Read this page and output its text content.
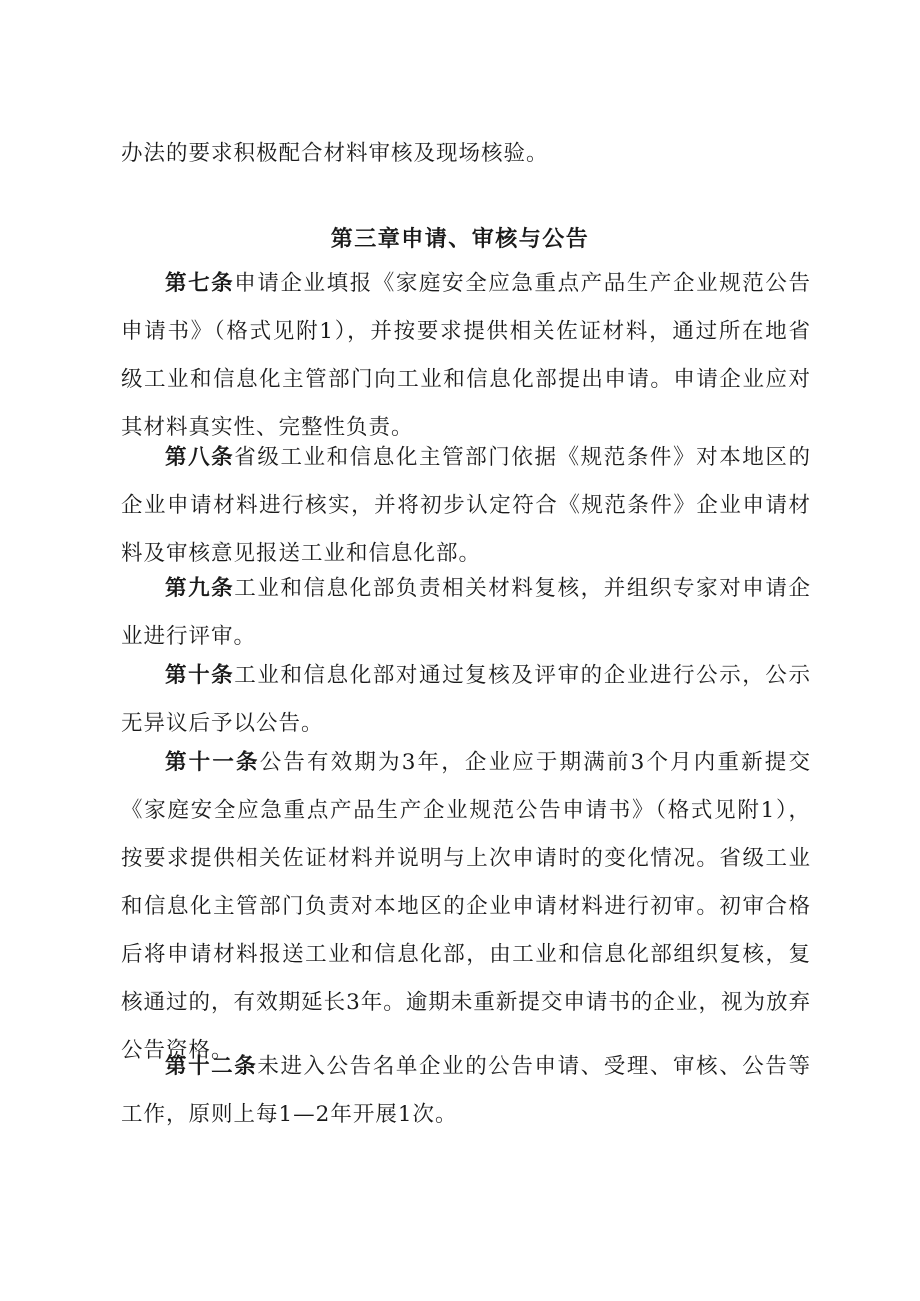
办法的要求积极配合材料审核及现场核验。

第三章申请、审核与公告

第七条申请企业填报《家庭安全应急重点产品生产企业规范公告申请书》（格式见附1），并按要求提供相关佐证材料，通过所在地省级工业和信息化主管部门向工业和信息化部提出申请。申请企业应对其材料真实性、完整性负责。

第八条省级工业和信息化主管部门依据《规范条件》对本地区的企业申请材料进行核实，并将初步认定符合《规范条件》企业申请材料及审核意见报送工业和信息化部。

第九条工业和信息化部负责相关材料复核，并组织专家对申请企业进行评审。

第十条工业和信息化部对通过复核及评审的企业进行公示，公示无异议后予以公告。

第十一条公告有效期为3年，企业应于期满前3个月内重新提交《家庭安全应急重点产品生产企业规范公告申请书》（格式见附1），按要求提供相关佐证材料并说明与上次申请时的变化情况。省级工业和信息化主管部门负责对本地区的企业申请材料进行初审。初审合格后将申请材料报送工业和信息化部，由工业和信息化部组织复核，复核通过的，有效期延长3年。逾期未重新提交申请书的企业，视为放弃公告资格。

第十二条未进入公告名单企业的公告申请、受理、审核、公告等工作，原则上每1—2年开展1次。
